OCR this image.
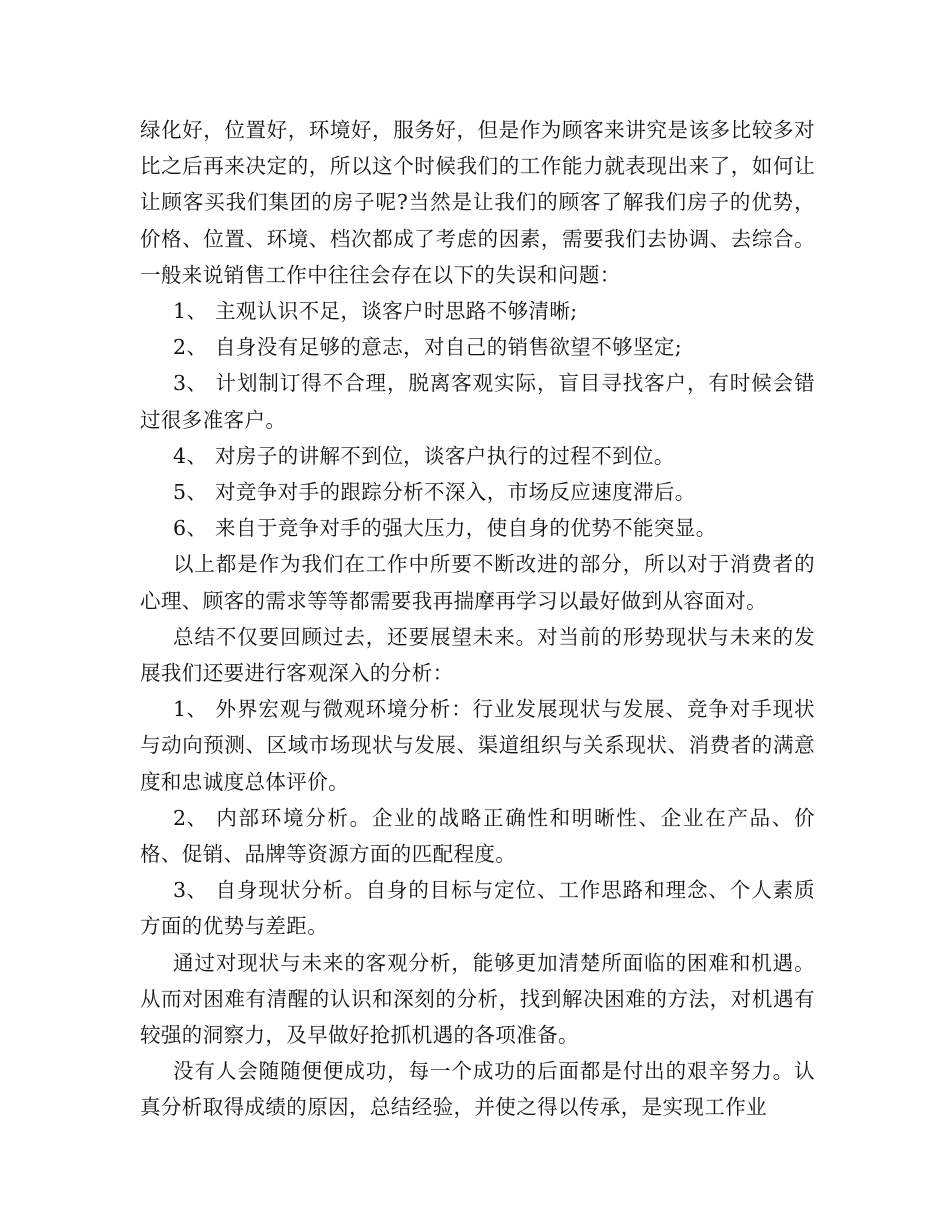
绿化好，位置好，环境好，服务好，但是作为顾客来讲究是该多比较多对比之后再来决定的，所以这个时候我们的工作能力就表现出来了，如何让让顾客买我们集团的房子呢?当然是让我们的顾客了解我们房子的优势，价格、位置、环境、档次都成了考虑的因素，需要我们去协调、去综合。一般来说销售工作中往往会存在以下的失误和问题：

1、 主观认识不足，谈客户时思路不够清晰;

2、 自身没有足够的意志，对自己的销售欲望不够坚定;

3、 计划制订得不合理，脱离客观实际，盲目寻找客户，有时候会错过很多准客户。

4、 对房子的讲解不到位，谈客户执行的过程不到位。

5、 对竞争对手的跟踪分析不深入，市场反应速度滞后。

6、 来自于竞争对手的强大压力，使自身的优势不能突显。

以上都是作为我们在工作中所要不断改进的部分，所以对于消费者的心理、顾客的需求等等都需要我再揣摩再学习以最好做到从容面对。

总结不仅要回顾过去，还要展望未来。对当前的形势现状与未来的发展我们还要进行客观深入的分析：

1、 外界宏观与微观环境分析：行业发展现状与发展、竞争对手现状与动向预测、区域市场现状与发展、渠道组织与关系现状、消费者的满意度和忠诚度总体评价。

2、 内部环境分析。企业的战略正确性和明晰性、企业在产品、价格、促销、品牌等资源方面的匹配程度。

3、 自身现状分析。自身的目标与定位、工作思路和理念、个人素质方面的优势与差距。

通过对现状与未来的客观分析，能够更加清楚所面临的困难和机遇。从而对困难有清醒的认识和深刻的分析，找到解决困难的方法，对机遇有较强的洞察力，及早做好抢抓机遇的各项准备。

没有人会随随便便成功，每一个成功的后面都是付出的艰辛努力。认真分析取得成绩的原因，总结经验，并使之得以传承，是实现工作业
